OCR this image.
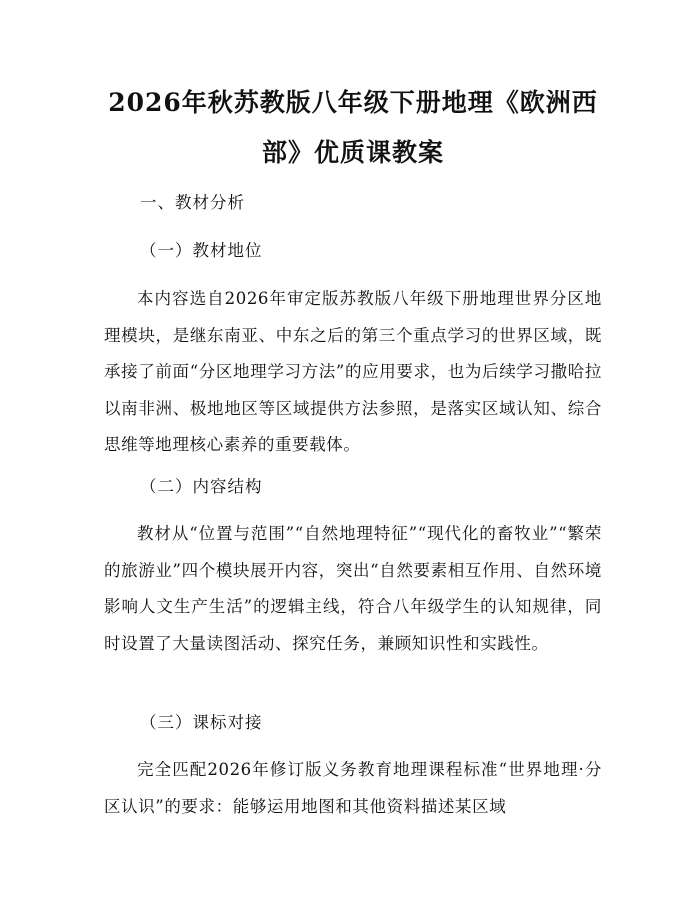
2026年秋苏教版八年级下册地理《欧洲西
部》优质课教案
一、教材分析
（一）教材地位

本内容选自2026年审定版苏教版八年级下册地理世界分区地理模块，是继东南亚、中东之后的第三个重点学习的世界区域，既承接了前面“分区地理学习方法”的应用要求，也为后续学习撒哈拉以南非洲、极地地区等区域提供方法参照，是落实区域认知、综合思维等地理核心素养的重要载体。

（二）内容结构

教材从“位置与范围”“自然地理特征”“现代化的畜牧业”“繁荣的旅游业”四个模块展开内容，突出“自然要素相互作用、自然环境影响人文生产生活”的逻辑主线，符合八年级学生的认知规律，同时设置了大量读图活动、探究任务，兼顾知识性和实践性。

（三）课标对接

完全匹配2026年修订版义务教育地理课程标准“世界地理·分区认识”的要求：能够运用地图和其他资料描述某区域
